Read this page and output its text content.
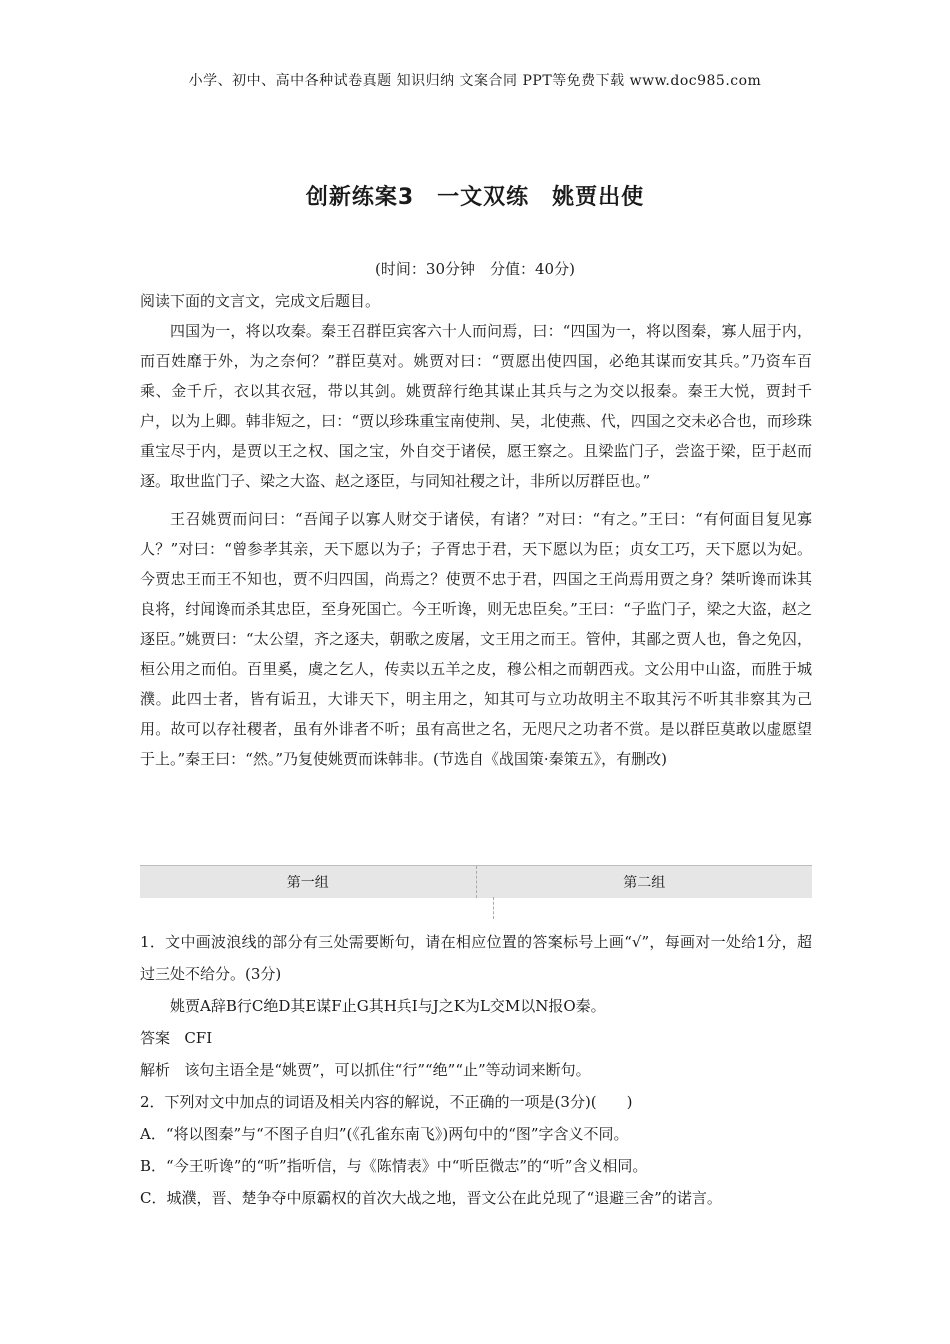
小学、初中、高中各种试卷真题 知识归纳 文案合同 PPT等免费下载 www.doc985.com
创新练案3　一文双练　姚贾出使
(时间：30分钟　分值：40分)

阅读下面的文言文，完成文后题目。

四国为一，将以攻秦。秦王召群臣宾客六十人而问焉，曰：“四国为一，将以图秦，寡人屈于内，而百姓靡于外，为之奈何？”群臣莫对。姚贾对曰：“贾愿出使四国，必绝其谋而安其兵。”乃资车百乘、金千斤，衣以其衣冠，带以其剑。姚贾辞行绝其谋止其兵与之为交以报秦。秦王大悦，贾封千户，以为上卿。韩非短之，曰：“贾以珍珠重宝南使荆、吴，北使燕、代，四国之交未必合也，而珍珠重宝尽于内，是贾以王之权、国之宝，外自交于诸侯，愿王察之。且梁监门子，尝盗于梁，臣于赵而逐。取世监门子、梁之大盗、赵之逐臣，与同知社稷之计，非所以厉群臣也。”

王召姚贾而问曰：“吾闻子以寡人财交于诸侯，有诸？”对曰：“有之。”王曰：“有何面目复见寡人？”对曰：“曾参孝其亲，天下愿以为子；子胥忠于君，天下愿以为臣；贞女工巧，天下愿以为妃。今贾忠王而王不知也，贾不归四国，尚焉之？使贾不忠于君，四国之王尚焉用贾之身？桀听谗而诛其良将，纣闻谗而杀其忠臣，至身死国亡。今王听谗，则无忠臣矣。”王曰：“子监门子，梁之大盗，赵之逐臣。”姚贾曰：“太公望，齐之逐夫，朝歌之废屠，文王用之而王。管仲，其鄙之贾人也，鲁之免囚，桓公用之而伯。百里奚，虞之乞人，传卖以五羊之皮，穆公相之而朝西戎。文公用中山盗，而胜于城濮。此四士者，皆有诟丑，大诽天下，明主用之，知其可与立功故明主不取其污不听其非察其为己用。故可以存社稷者，虽有外诽者不听；虽有高世之名，无咫尺之功者不赏。是以群臣莫敢以虚愿望于上。”秦王曰：“然。”乃复使姚贾而诛韩非。(节选自《战国策·秦策五》，有删改)

第一组	第二组

1．文中画波浪线的部分有三处需要断句，请在相应位置的答案标号上画“√”，每画对一处给1分，超过三处不给分。(3分)

姚贾A辞B行C绝D其E谋F止G其H兵I与J之K为L交M以N报O秦。

答案 CFI

解析 该句主语全是“姚贾”，可以抓住“行”“绝”“止”等动词来断句。

2．下列对文中加点的词语及相关内容的解说，不正确的一项是(3分)(　　)

A．“将以图秦”与“不图子自归”(《孔雀东南飞》)两句中的“图”字含义不同。

B．“今王听谗”的“听”指听信，与《陈情表》中“听臣微志”的“听”含义相同。

C．城濮，晋、楚争夺中原霸权的首次大战之地，晋文公在此兑现了“退避三舍”的诺言。
